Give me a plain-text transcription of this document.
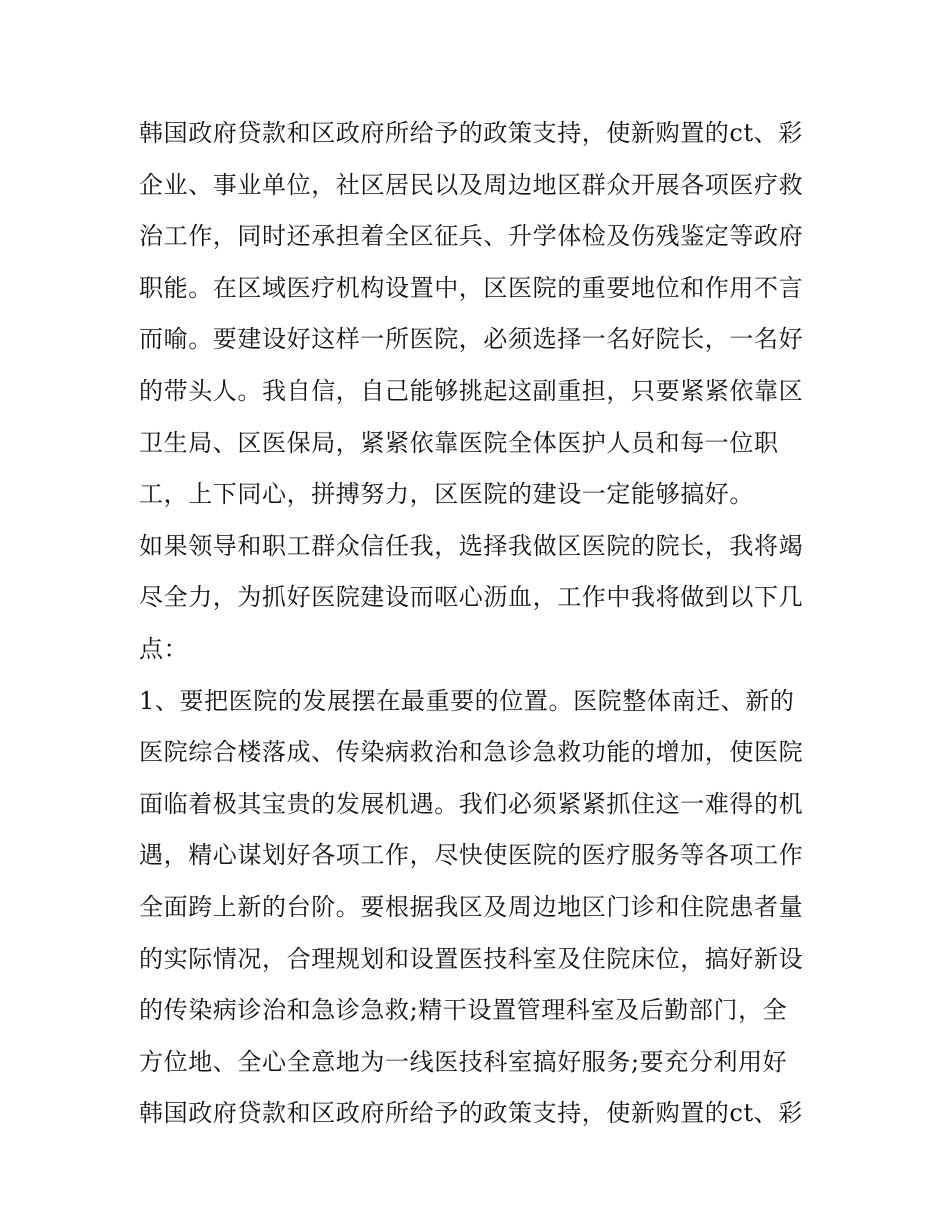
韩国政府贷款和区政府所给予的政策支持，使新购置的ct、彩
企业、事业单位，社区居民以及周边地区群众开展各项医疗救
治工作，同时还承担着全区征兵、升学体检及伤残鉴定等政府
职能。在区域医疗机构设置中，区医院的重要地位和作用不言
而喻。要建设好这样一所医院，必须选择一名好院长，一名好
的带头人。我自信，自己能够挑起这副重担，只要紧紧依靠区
卫生局、区医保局，紧紧依靠医院全体医护人员和每一位职
工，上下同心，拼搏努力，区医院的建设一定能够搞好。
如果领导和职工群众信任我，选择我做区医院的院长，我将竭
尽全力，为抓好医院建设而呕心沥血，工作中我将做到以下几
点：
1、要把医院的发展摆在最重要的位置。医院整体南迁、新的
医院综合楼落成、传染病救治和急诊急救功能的增加，使医院
面临着极其宝贵的发展机遇。我们必须紧紧抓住这一难得的机
遇，精心谋划好各项工作，尽快使医院的医疗服务等各项工作
全面跨上新的台阶。要根据我区及周边地区门诊和住院患者量
的实际情况，合理规划和设置医技科室及住院床位，搞好新设
的传染病诊治和急诊急救;精干设置管理科室及后勤部门，全
方位地、全心全意地为一线医技科室搞好服务;要充分利用好
韩国政府贷款和区政府所给予的政策支持，使新购置的ct、彩
